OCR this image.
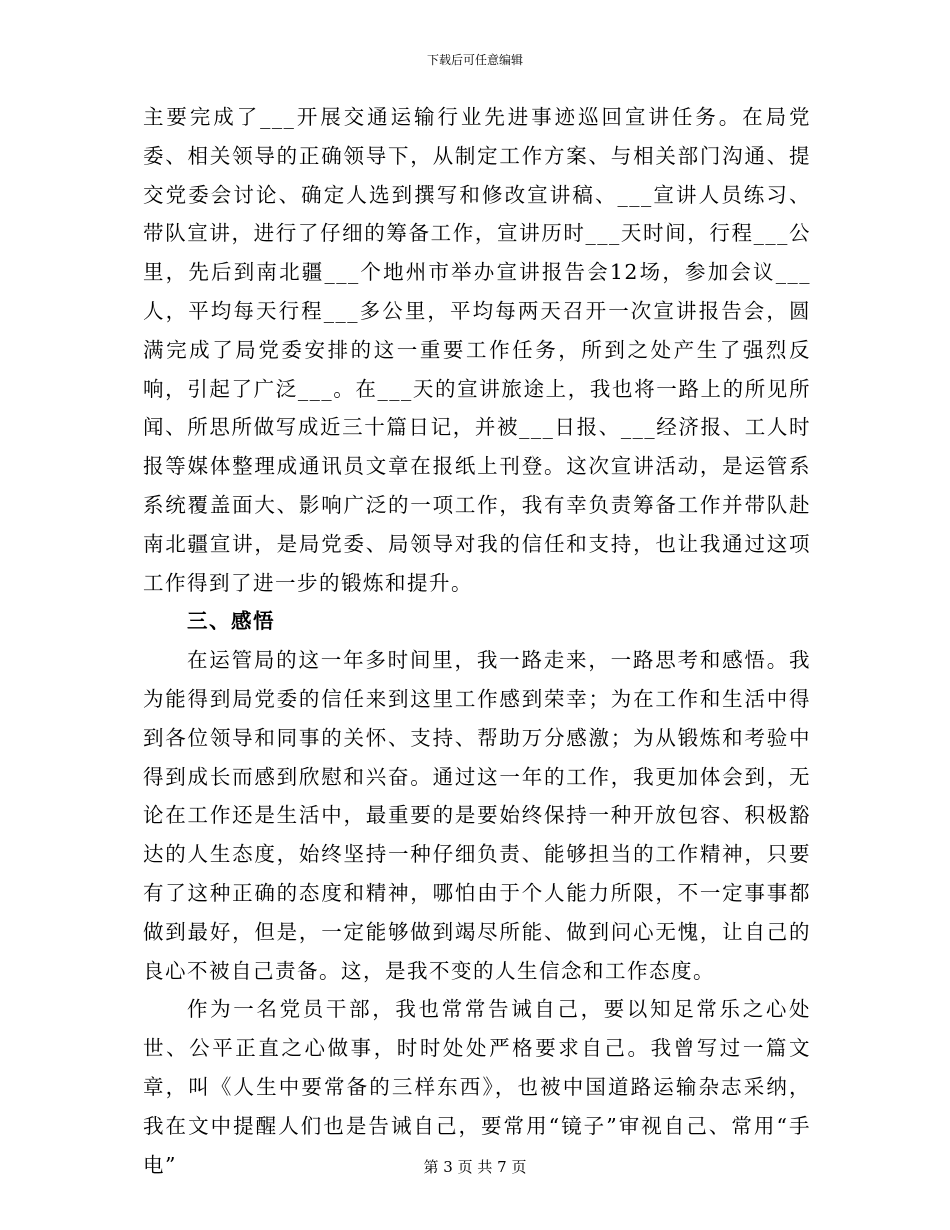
下载后可任意编辑

主要完成了___开展交通运输行业先进事迹巡回宣讲任务。在局党委、相关领导的正确领导下，从制定工作方案、与相关部门沟通、提交党委会讨论、确定人选到撰写和修改宣讲稿、___宣讲人员练习、带队宣讲，进行了仔细的筹备工作，宣讲历时___天时间，行程___公里，先后到南北疆___个地州市举办宣讲报告会12场，参加会议___人，平均每天行程___多公里，平均每两天召开一次宣讲报告会，圆满完成了局党委安排的这一重要工作任务，所到之处产生了强烈反响，引起了广泛___。在___天的宣讲旅途上，我也将一路上的所见所闻、所思所做写成近三十篇日记，并被___日报、___经济报、工人时报等媒体整理成通讯员文章在报纸上刊登。这次宣讲活动，是运管系系统覆盖面大、影响广泛的一项工作，我有幸负责筹备工作并带队赴南北疆宣讲，是局党委、局领导对我的信任和支持，也让我通过这项工作得到了进一步的锻炼和提升。

三、感悟

在运管局的这一年多时间里，我一路走来，一路思考和感悟。我为能得到局党委的信任来到这里工作感到荣幸；为在工作和生活中得到各位领导和同事的关怀、支持、帮助万分感激；为从锻炼和考验中得到成长而感到欣慰和兴奋。通过这一年的工作，我更加体会到，无论在工作还是生活中，最重要的是要始终保持一种开放包容、积极豁达的人生态度，始终坚持一种仔细负责、能够担当的工作精神，只要有了这种正确的态度和精神，哪怕由于个人能力所限，不一定事事都做到最好，但是，一定能够做到竭尽所能、做到问心无愧，让自己的良心不被自己责备。这，是我不变的人生信念和工作态度。

作为一名党员干部，我也常常告诫自己，要以知足常乐之心处世、公平正直之心做事，时时处处严格要求自己。我曾写过一篇文章，叫《人生中要常备的三样东西》，也被中国道路运输杂志采纳，我在文中提醒人们也是告诫自己，要常用“镜子”审视自己、常用“手电”	第 3 页 共 7 页
